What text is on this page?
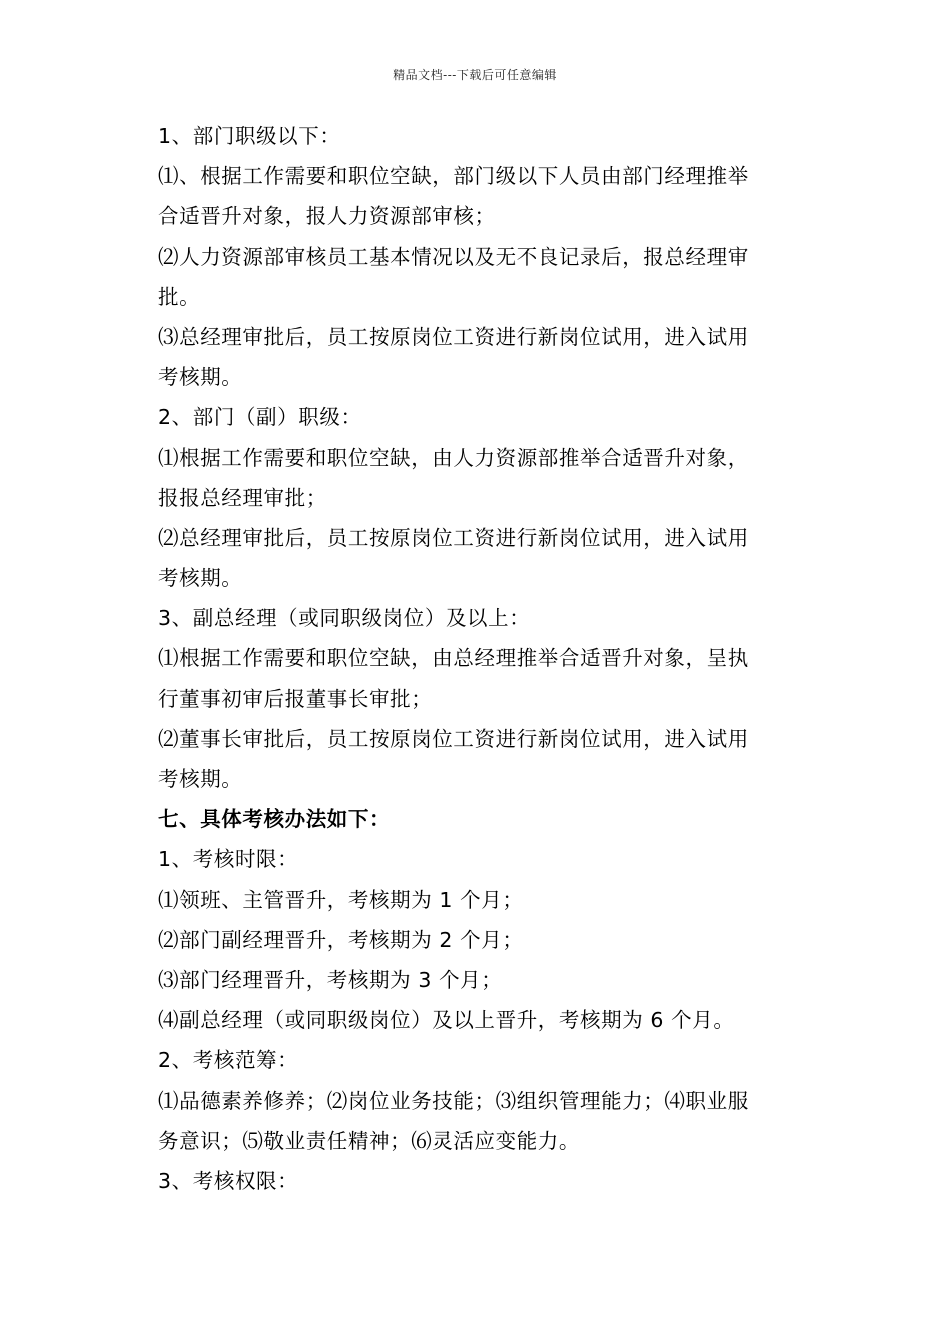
精品文档---下载后可任意编辑
1、部门职级以下：
⑴、根据工作需要和职位空缺，部门级以下人员由部门经理推举
合适晋升对象，报人力资源部审核；
⑵人力资源部审核员工基本情况以及无不良记录后，报总经理审
批。
⑶总经理审批后，员工按原岗位工资进行新岗位试用，进入试用
考核期。
2、部门（副）职级：
⑴根据工作需要和职位空缺，由人力资源部推举合适晋升对象，
报报总经理审批；
⑵总经理审批后，员工按原岗位工资进行新岗位试用，进入试用
考核期。
3、副总经理（或同职级岗位）及以上：
⑴根据工作需要和职位空缺，由总经理推举合适晋升对象，呈执
行董事初审后报董事长审批；
⑵董事长审批后，员工按原岗位工资进行新岗位试用，进入试用
考核期。
七、具体考核办法如下：
1、考核时限：
⑴领班、主管晋升，考核期为 1 个月；
⑵部门副经理晋升，考核期为 2 个月；
⑶部门经理晋升，考核期为 3 个月；
⑷副总经理（或同职级岗位）及以上晋升，考核期为 6 个月。
2、考核范筹：
⑴品德素养修养；⑵岗位业务技能；⑶组织管理能力；⑷职业服
务意识；⑸敬业责任精神；⑹灵活应变能力。
3、考核权限：
